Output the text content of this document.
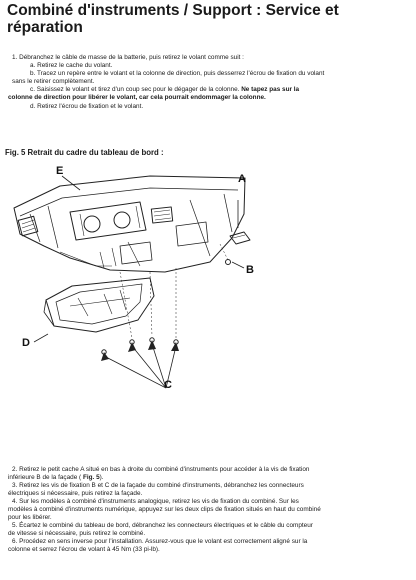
Combiné d'instruments / Support : Service et réparation

1. Débranchez le câble de masse de la batterie, puis retirez le volant comme suit :

a. Retirez le cache du volant.

b. Tracez un repère entre le volant et la colonne de direction, puis desserrez l'écrou de fixation du volant

sans le retirer complètement.

c. Saisissez le volant et tirez d'un coup sec pour le dégager de la colonne. Ne tapez pas sur la

colonne de direction pour libérer le volant, car cela pourrait endommager la colonne.

d. Retirez l'écrou de fixation et le volant.

Fig. 5 Retrait du cadre du tableau de bord :

E
A
B
D
C

2. Retirez le petit cache A situé en bas à droite du combiné d'instruments pour accéder à la vis de fixation

inférieure B de la façade ( Fig. 5).

3. Retirez les vis de fixation B et C de la façade du combiné d'instruments, débranchez les connecteurs

électriques si nécessaire, puis retirez la façade.

4. Sur les modèles à combiné d'instruments analogique, retirez les vis de fixation du combiné. Sur les

modèles à combiné d'instruments numérique, appuyez sur les deux clips de fixation situés en haut du combiné

pour les libérer.

5. Écartez le combiné du tableau de bord, débranchez les connecteurs électriques et le câble du compteur

de vitesse si nécessaire, puis retirez le combiné.

6. Procédez en sens inverse pour l'installation. Assurez-vous que le volant est correctement aligné sur la

colonne et serrez l'écrou de volant à 45 Nm (33 pi-lb).
